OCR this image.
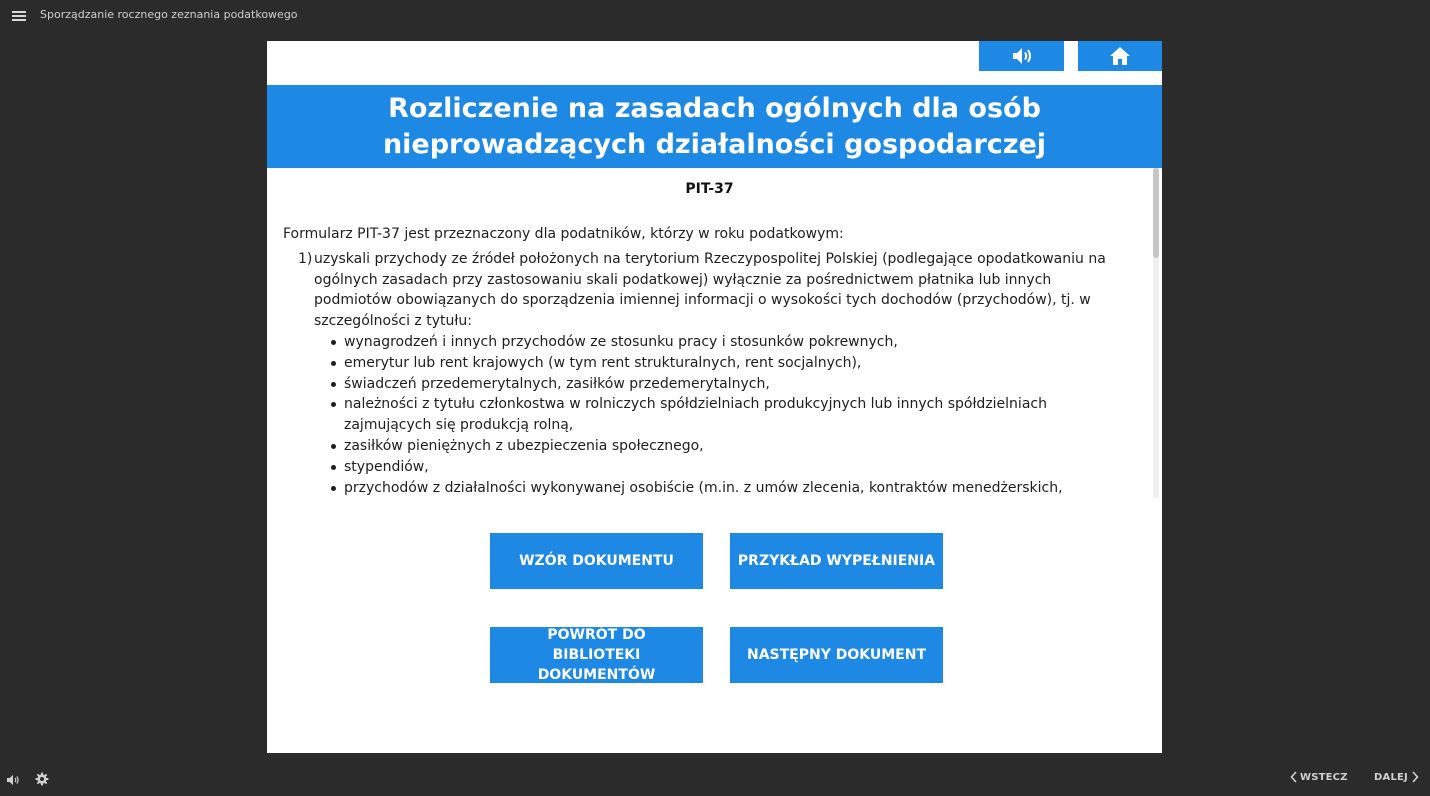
Sporządzanie rocznego zeznania podatkowego
Rozliczenie na zasadach ogólnych dla osób nieprowadzących działalności gospodarczej
PIT-37

Formularz PIT-37 jest przeznaczony dla podatników, którzy w roku podatkowym:

1) uzyskali przychody ze źródeł położonych na terytorium Rzeczypospolitej Polskiej (podlegające opodatkowaniu na ogólnych zasadach przy zastosowaniu skali podatkowej) wyłącznie za pośrednictwem płatnika lub innych podmiotów obowiązanych do sporządzenia imiennej informacji o wysokości tych dochodów (przychodów), tj. w szczególności z tytułu:
wynagrodzeń i innych przychodów ze stosunku pracy i stosunków pokrewnych,
emerytur lub rent krajowych (w tym rent strukturalnych, rent socjalnych),
świadczeń przedemerytalnych, zasiłków przedemerytalnych,
należności z tytułu członkostwa w rolniczych spółdzielniach produkcyjnych lub innych spółdzielniach zajmujących się produkcją rolną,
zasiłków pieniężnych z ubezpieczenia społecznego,
stypendiów,
przychodów z działalności wykonywanej osobiście (m.in. z umów zlecenia, kontraktów menedżerskich,
WZÓR DOKUMENTU	PRZYKŁAD WYPEŁNIENIA
POWRÓT DO BIBLIOTEKI DOKUMENTÓW
NASTĘPNY DOKUMENT
WSTECZ	DALEJ
